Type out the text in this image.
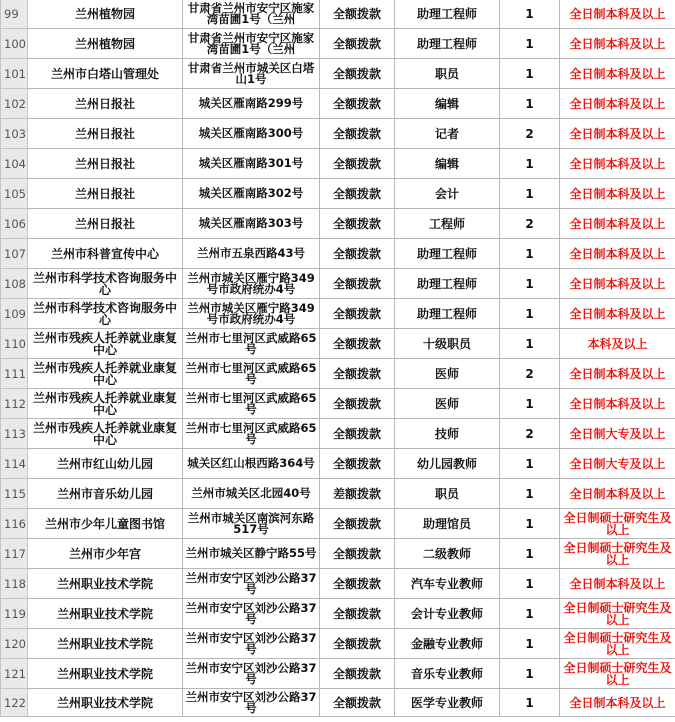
99	兰州植物园	甘肃省兰州市安宁区施家湾苗圃1号（兰州	全额拨款	助理工程师	1	全日制本科及以上
100	兰州植物园	甘肃省兰州市安宁区施家湾苗圃1号（兰州	全额拨款	助理工程师	1	全日制本科及以上
101	兰州市白塔山管理处	甘肃省兰州市城关区白塔山1号	全额拨款	职员	1	全日制本科及以上
102	兰州日报社	城关区雁南路299号	全额拨款	编辑	1	全日制本科及以上
103	兰州日报社	城关区雁南路300号	全额拨款	记者	2	全日制本科及以上
104	兰州日报社	城关区雁南路301号	全额拨款	编辑	1	全日制本科及以上
105	兰州日报社	城关区雁南路302号	全额拨款	会计	1	全日制本科及以上
106	兰州日报社	城关区雁南路303号	全额拨款	工程师	2	全日制本科及以上
107	兰州市科普宣传中心	兰州市五泉西路43号	全额拨款	助理工程师	1	全日制本科及以上
108	兰州市科学技术咨询服务中心	兰州市城关区雁宁路349号市政府统办4号	全额拨款	助理工程师	1	全日制本科及以上
109	兰州市科学技术咨询服务中心	兰州市城关区雁宁路349号市政府统办4号	全额拨款	助理工程师	1	全日制本科及以上
110	兰州市残疾人托养就业康复中心	兰州市七里河区武威路65号	全额拨款	十级职员	1	本科及以上
111	兰州市残疾人托养就业康复中心	兰州市七里河区武威路65号	全额拨款	医师	2	全日制本科及以上
112	兰州市残疾人托养就业康复中心	兰州市七里河区武威路65号	全额拨款	医师	1	全日制本科及以上
113	兰州市残疾人托养就业康复中心	兰州市七里河区武威路65号	全额拨款	技师	2	全日制大专及以上
114	兰州市红山幼儿园	城关区红山根西路364号	全额拨款	幼儿园教师	1	全日制大专及以上
115	兰州市音乐幼儿园	兰州市城关区北园40号	差额拨款	职员	1	全日制本科及以上
116	兰州市少年儿童图书馆	兰州市城关区南滨河东路517号	全额拨款	助理馆员	1	全日制硕士研究生及以上
117	兰州市少年宫	兰州市城关区静宁路55号	全额拨款	二级教师	1	全日制硕士研究生及以上
118	兰州职业技术学院	兰州市安宁区刘沙公路37号	全额拨款	汽车专业教师	1	全日制本科及以上
119	兰州职业技术学院	兰州市安宁区刘沙公路37号	全额拨款	会计专业教师	1	全日制硕士研究生及以上
120	兰州职业技术学院	兰州市安宁区刘沙公路37号	全额拨款	金融专业教师	1	全日制硕士研究生及以上
121	兰州职业技术学院	兰州市安宁区刘沙公路37号	全额拨款	音乐专业教师	1	全日制硕士研究生及以上
122	兰州职业技术学院	兰州市安宁区刘沙公路37号	全额拨款	医学专业教师	1	全日制本科及以上
